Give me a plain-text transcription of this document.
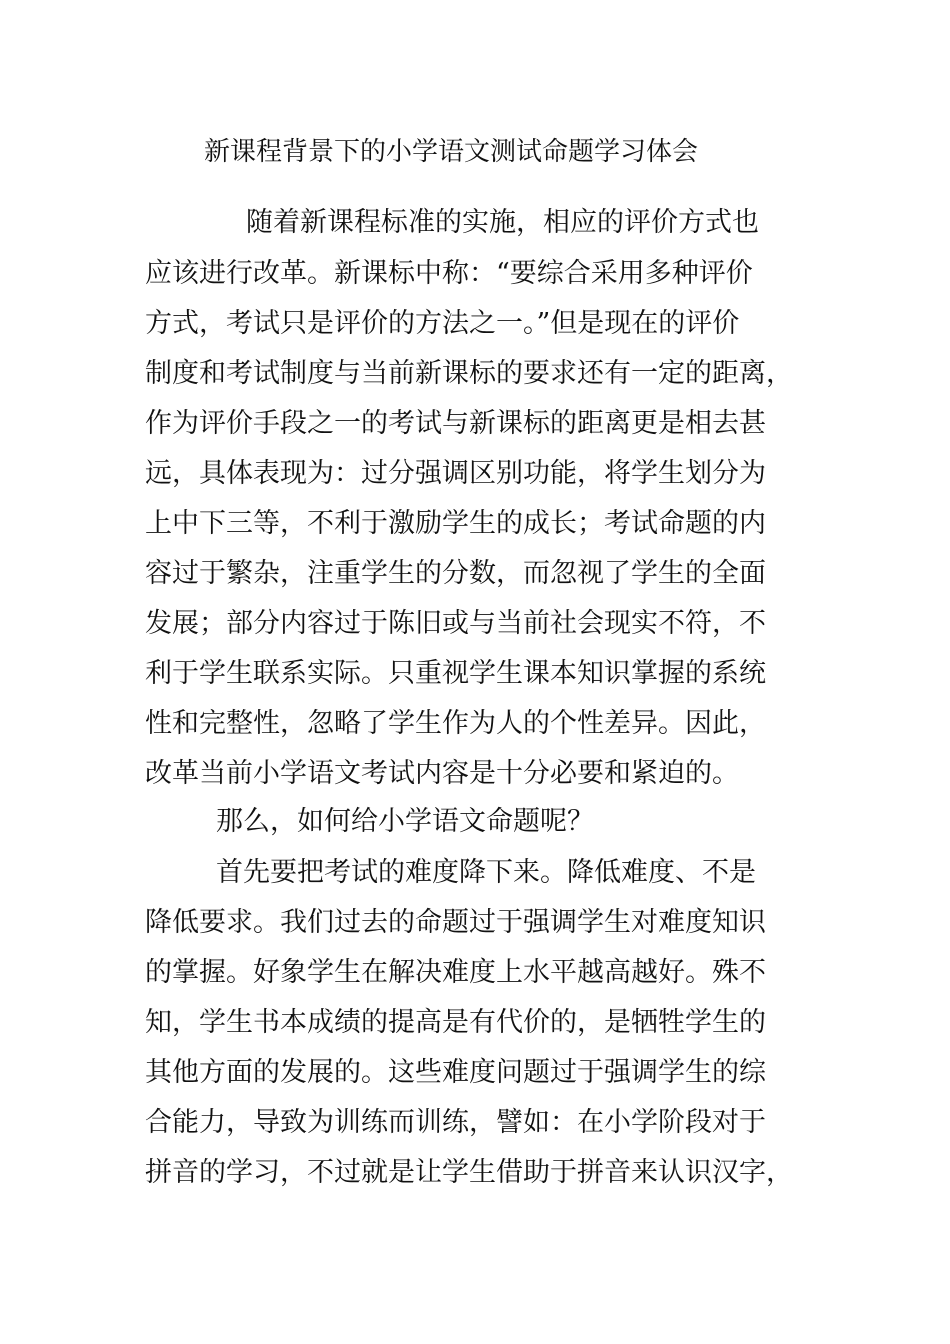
新课程背景下的小学语文测试命题学习体会

随着新课程标准的实施，相应的评价方式也

应该进行改革。新课标中称：“要综合采用多种评价

方式，考试只是评价的方法之一。”但是现在的评价

制度和考试制度与当前新课标的要求还有一定的距离，

作为评价手段之一的考试与新课标的距离更是相去甚

远，具体表现为：过分强调区别功能，将学生划分为

上中下三等，不利于激励学生的成长；考试命题的内

容过于繁杂，注重学生的分数，而忽视了学生的全面

发展；部分内容过于陈旧或与当前社会现实不符，不

利于学生联系实际。只重视学生课本知识掌握的系统

性和完整性，忽略了学生作为人的个性差异。因此，

改革当前小学语文考试内容是十分必要和紧迫的。

那么，如何给小学语文命题呢？

首先要把考试的难度降下来。降低难度、不是

降低要求。我们过去的命题过于强调学生对难度知识

的掌握。好象学生在解决难度上水平越高越好。殊不

知，学生书本成绩的提高是有代价的，是牺牲学生的

其他方面的发展的。这些难度问题过于强调学生的综

合能力，导致为训练而训练，譬如：在小学阶段对于

拼音的学习，不过就是让学生借助于拼音来认识汉字，
